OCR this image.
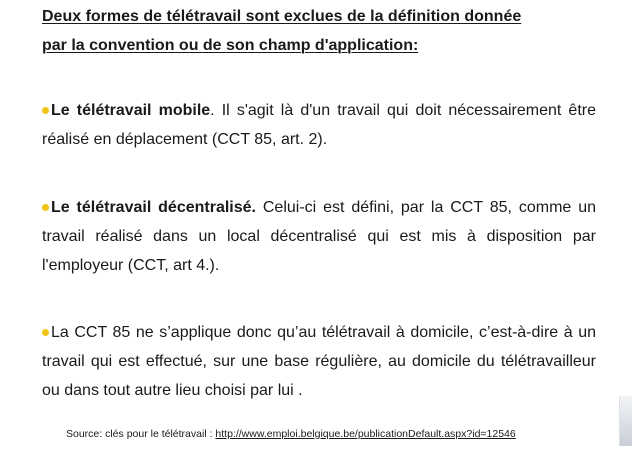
Deux formes de télétravail sont exclues de la définition donnée
par la convention ou de son champ d'application:
Le télétravail mobile. Il s'agit là d'un travail qui doit nécessairement être réalisé en déplacement (CCT 85, art. 2).
Le télétravail décentralisé. Celui-ci est défini, par la CCT 85, comme un travail réalisé dans un local décentralisé qui est mis à disposition par l'employeur (CCT, art 4.).
La CCT 85 ne s’applique donc qu’au télétravail à domicile, c’est-à-dire à un travail qui est effectué, sur une base régulière, au domicile du télétravailleur ou dans tout autre lieu choisi par lui .
Source: clés pour le télétravail : http://www.emploi.belgique.be/publicationDefault.aspx?id=12546
